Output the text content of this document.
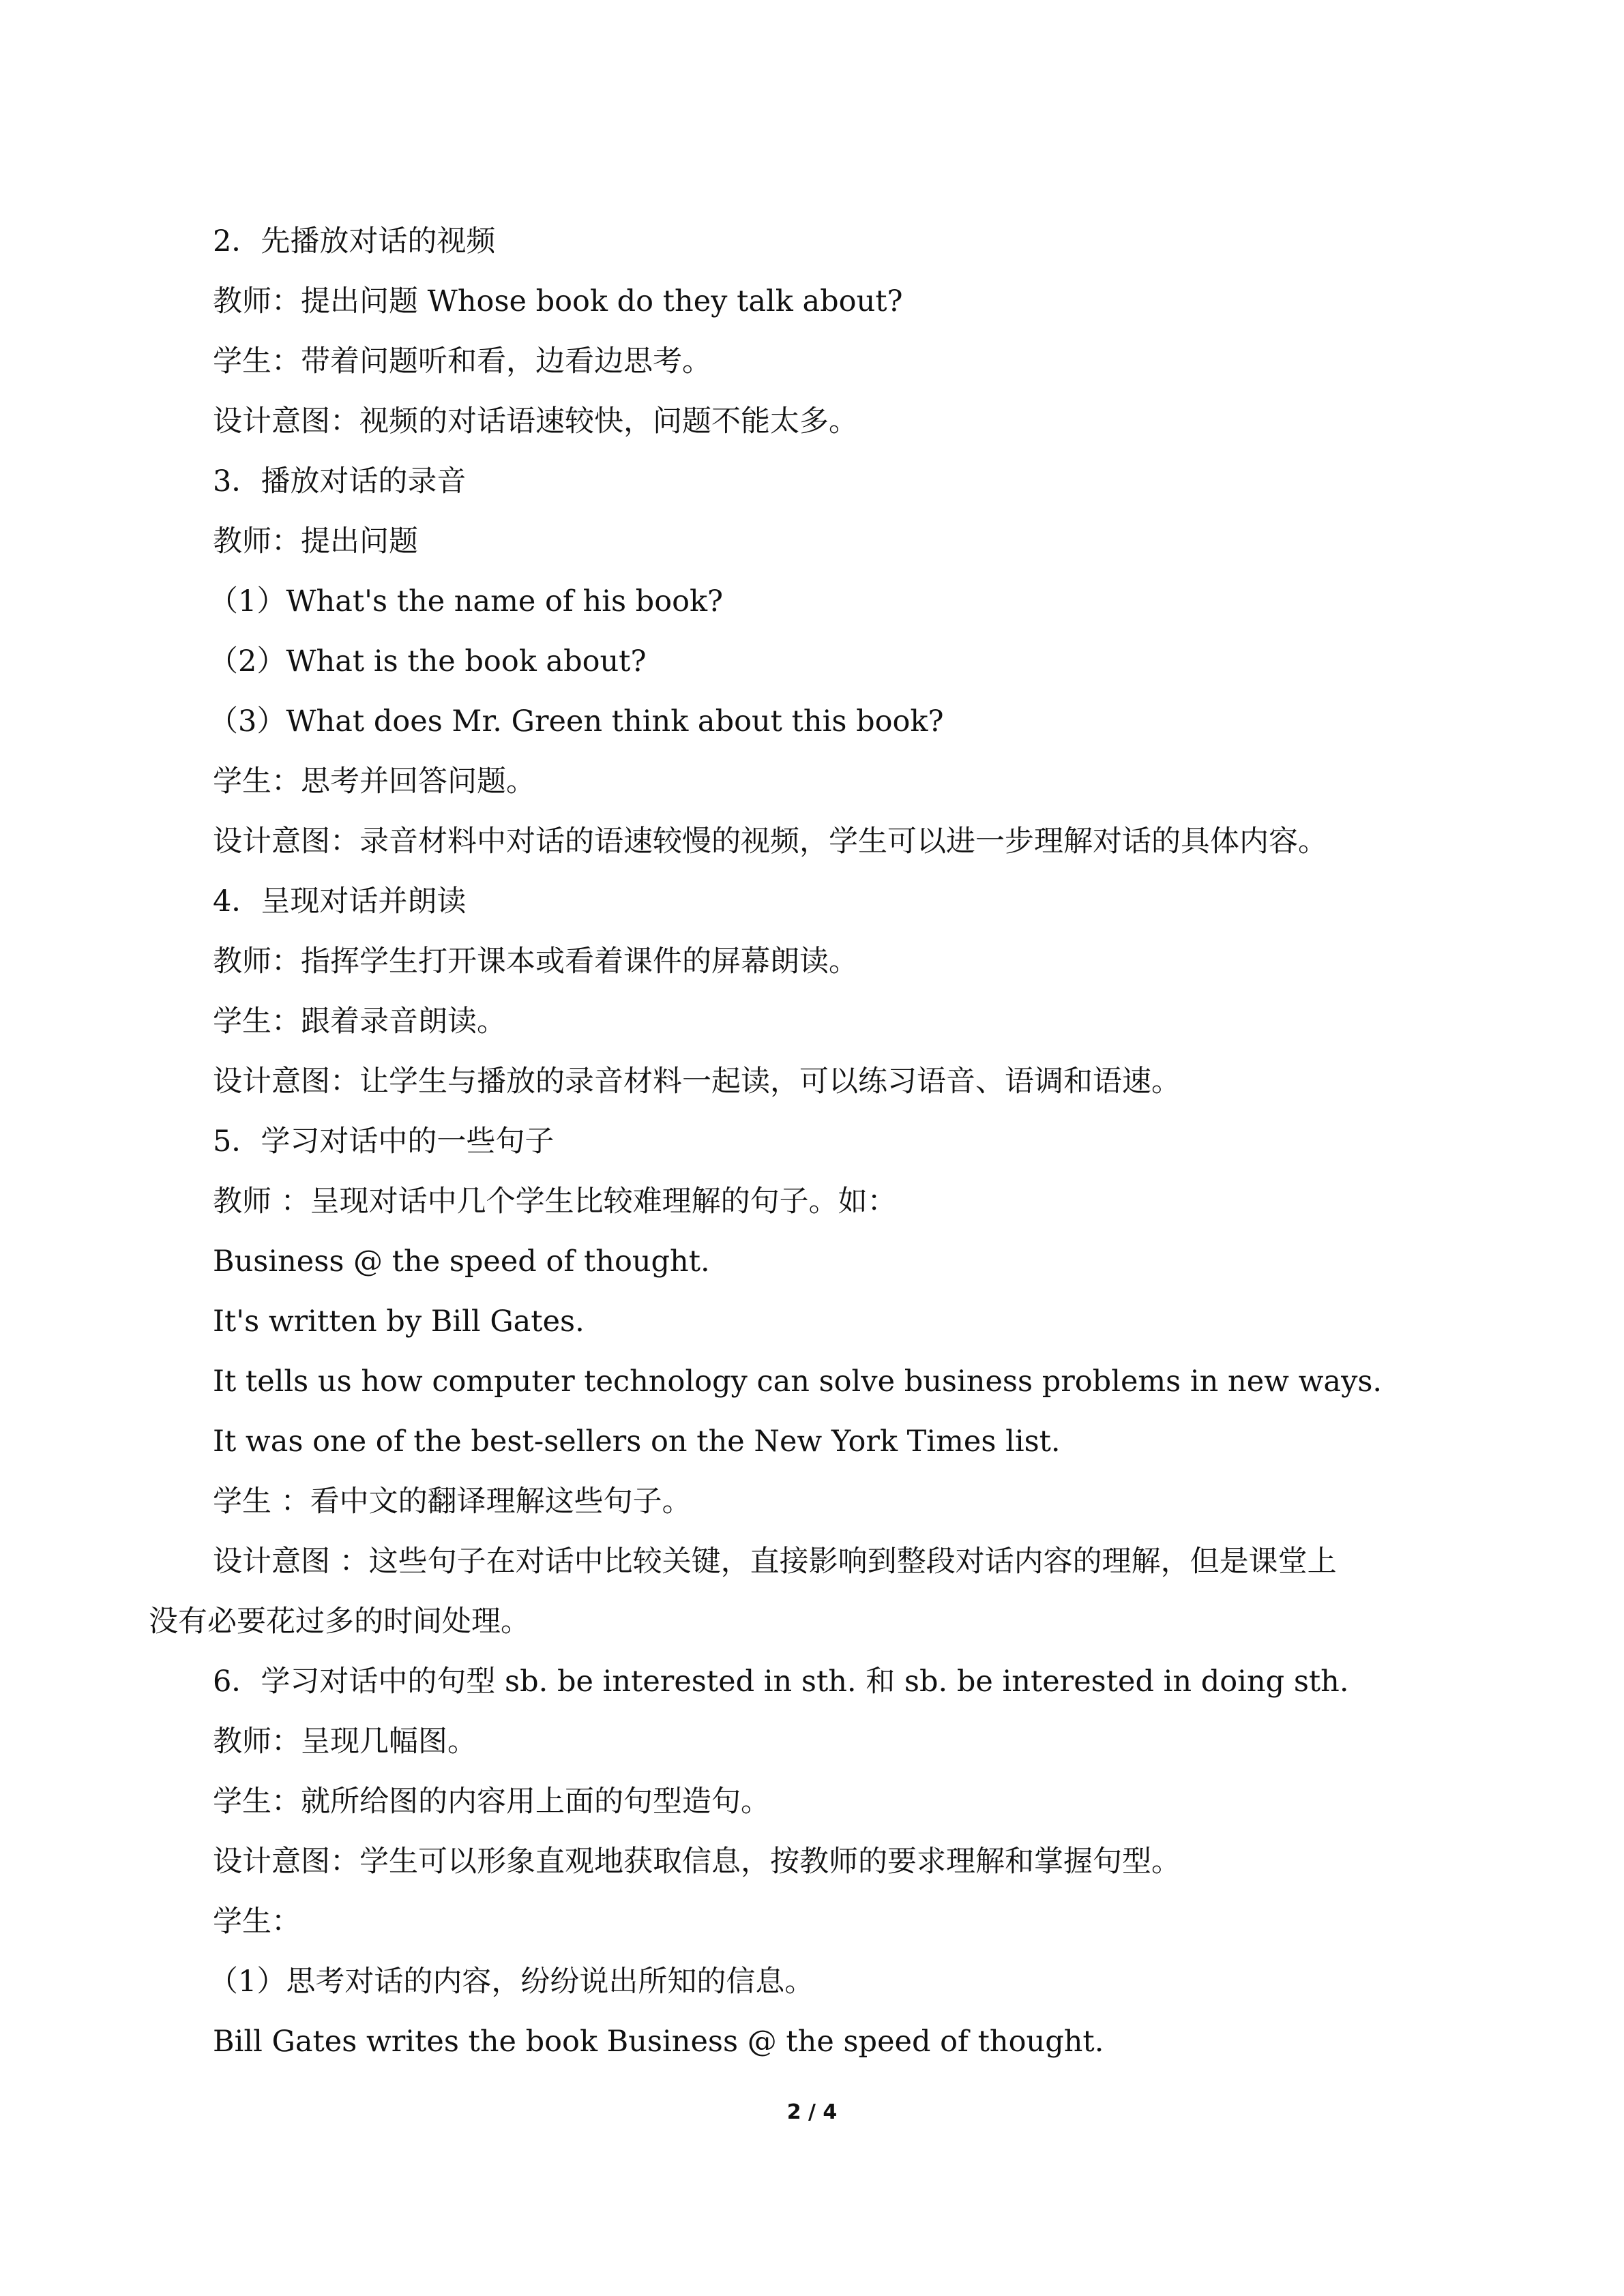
2．先播放对话的视频
教师：提出问题 Whose book do they talk about?
学生：带着问题听和看，边看边思考。
设计意图：视频的对话语速较快，问题不能太多。
3．播放对话的录音
教师：提出问题
（1）What's the name of his book?
（2）What is the book about?
（3）What does Mr. Green think about this book?
学生：思考并回答问题。
设计意图：录音材料中对话的语速较慢的视频，学生可以进一步理解对话的具体内容。
4．呈现对话并朗读
教师：指挥学生打开课本或看着课件的屏幕朗读。
学生：跟着录音朗读。
设计意图：让学生与播放的录音材料一起读，可以练习语音、语调和语速。
5．学习对话中的一些句子
教师 ：呈现对话中几个学生比较难理解的句子。如：
Business @ the speed of thought.
It's written by Bill Gates.
It tells us how computer technology can solve business problems in new ways.
It was one of the best-sellers on the New York Times list.
学生 ：看中文的翻译理解这些句子。
设计意图 ：这些句子在对话中比较关键，直接影响到整段对话内容的理解，但是课堂上
没有必要花过多的时间处理。
6．学习对话中的句型 sb. be interested in sth. 和 sb. be interested in doing sth.
教师：呈现几幅图。
学生：就所给图的内容用上面的句型造句。
设计意图：学生可以形象直观地获取信息，按教师的要求理解和掌握句型。
学生：
（1）思考对话的内容，纷纷说出所知的信息。
Bill Gates writes the book Business @ the speed of thought.
2 / 4
